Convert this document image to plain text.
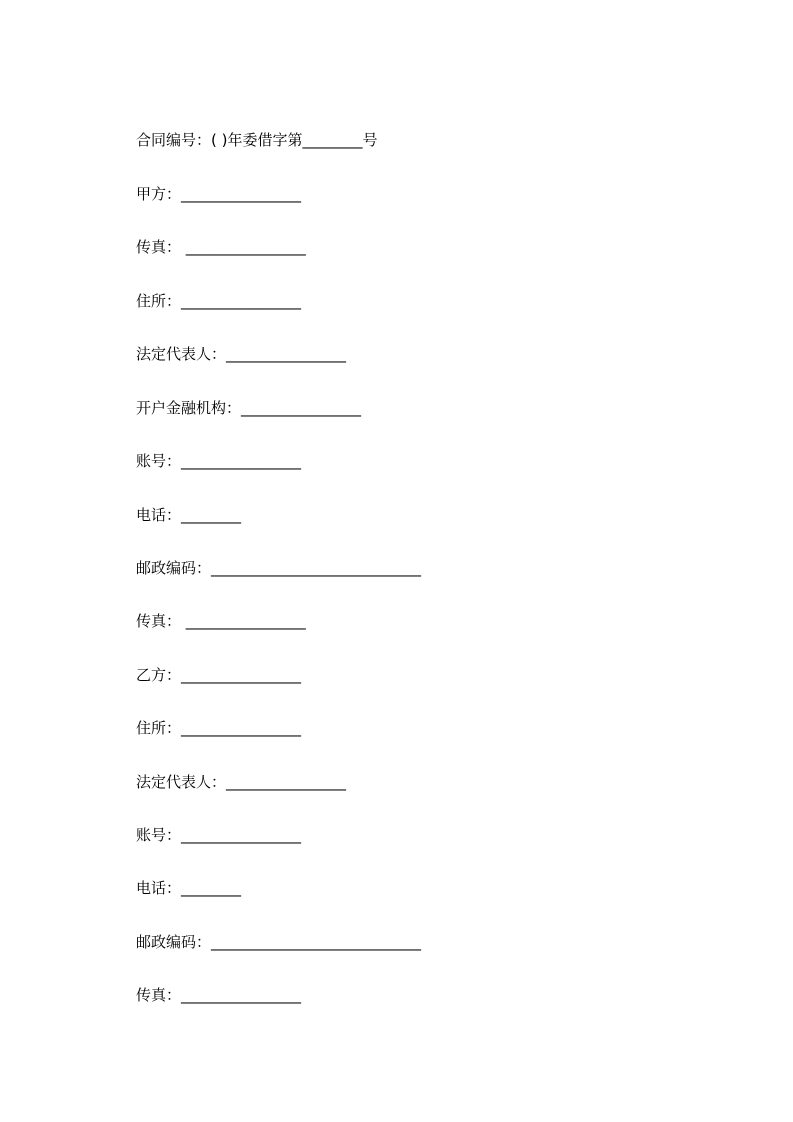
合同编号：( )年委借字第________号
甲方：________________
传真： ________________
住所：________________
法定代表人：________________
开户金融机构：________________
账号：________________
电话：________
邮政编码：____________________________
传真： ________________
乙方：________________
住所：________________
法定代表人：________________
账号：________________
电话：________
邮政编码：____________________________
传真：________________
